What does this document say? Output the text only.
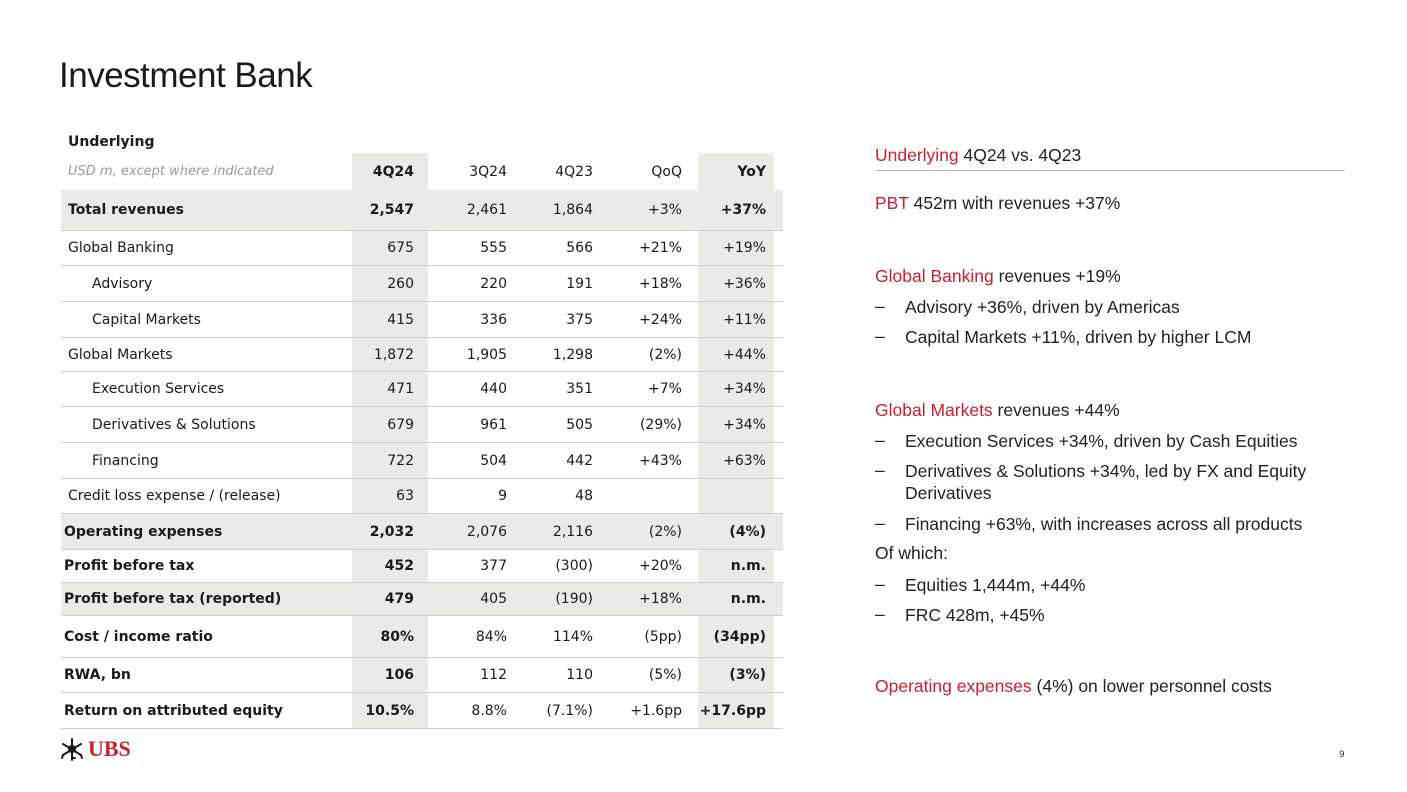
Investment Bank
Underlying
USD m, except where indicated	4Q24	3Q24	4Q23	QoQ	YoY
Total revenues	2,547	2,461	1,864	+3%	+37%
Global Banking	675	555	566	+21%	+19%
Advisory	260	220	191	+18%	+36%
Capital Markets	415	336	375	+24%	+11%
Global Markets	1,872	1,905	1,298	(2%)	+44%
Execution Services	471	440	351	+7%	+34%
Derivatives & Solutions	679	961	505	(29%)	+34%
Financing	722	504	442	+43%	+63%
Credit loss expense / (release)	63	9	48
Operating expenses	2,032	2,076	2,116	(2%)	(4%)
Profit before tax	452	377	(300)	+20%	n.m.
Profit before tax (reported)	479	405	(190)	+18%	n.m.
Cost / income ratio	80%	84%	114%	(5pp)	(34pp)
RWA, bn	106	112	110	(5%)	(3%)
Return on attributed equity	10.5%	8.8%	(7.1%)	+1.6pp	+17.6pp
Underlying 4Q24 vs. 4Q23
PBT 452m with revenues +37%
Global Banking revenues +19%
–	Advisory +36%, driven by Americas
–	Capital Markets +11%, driven by higher LCM
Global Markets revenues +44%
–	Execution Services +34%, driven by Cash Equities
–	Derivatives & Solutions +34%, led by FX and Equity Derivatives
–	Financing +63%, with increases across all products
Of which:
–	Equities 1,444m, +44%
–	FRC 428m, +45%
Operating expenses (4%) on lower personnel costs
UBS	9
